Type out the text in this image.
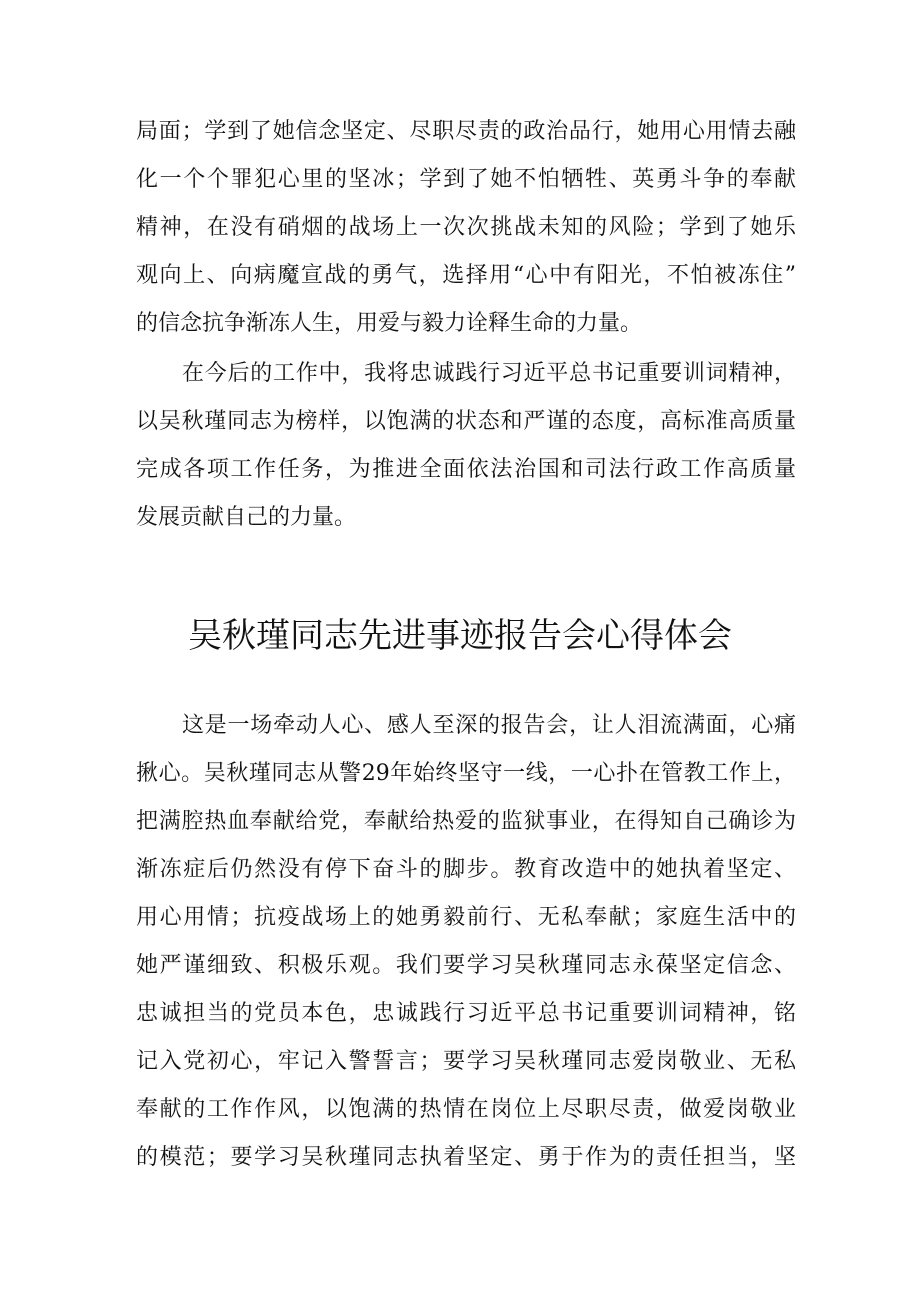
局面；学到了她信念坚定、尽职尽责的政治品行，她用心用情去融
化一个个罪犯心里的坚冰；学到了她不怕牺牲、英勇斗争的奉献
精神，在没有硝烟的战场上一次次挑战未知的风险；学到了她乐
观向上、向病魔宣战的勇气，选择用“心中有阳光，不怕被冻住”
的信念抗争渐冻人生，用爱与毅力诠释生命的力量。
在今后的工作中，我将忠诚践行习近平总书记重要训词精神，
以吴秋瑾同志为榜样，以饱满的状态和严谨的态度，高标准高质量
完成各项工作任务，为推进全面依法治国和司法行政工作高质量
发展贡献自己的力量。
吴秋瑾同志先进事迹报告会心得体会
这是一场牵动人心、感人至深的报告会，让人泪流满面，心痛
揪心。吴秋瑾同志从警29年始终坚守一线，一心扑在管教工作上，
把满腔热血奉献给党，奉献给热爱的监狱事业，在得知自己确诊为
渐冻症后仍然没有停下奋斗的脚步。教育改造中的她执着坚定、
用心用情；抗疫战场上的她勇毅前行、无私奉献；家庭生活中的
她严谨细致、积极乐观。我们要学习吴秋瑾同志永葆坚定信念、
忠诚担当的党员本色，忠诚践行习近平总书记重要训词精神，铭
记入党初心，牢记入警誓言；要学习吴秋瑾同志爱岗敬业、无私
奉献的工作作风，以饱满的热情在岗位上尽职尽责，做爱岗敬业
的模范；要学习吴秋瑾同志执着坚定、勇于作为的责任担当，坚
